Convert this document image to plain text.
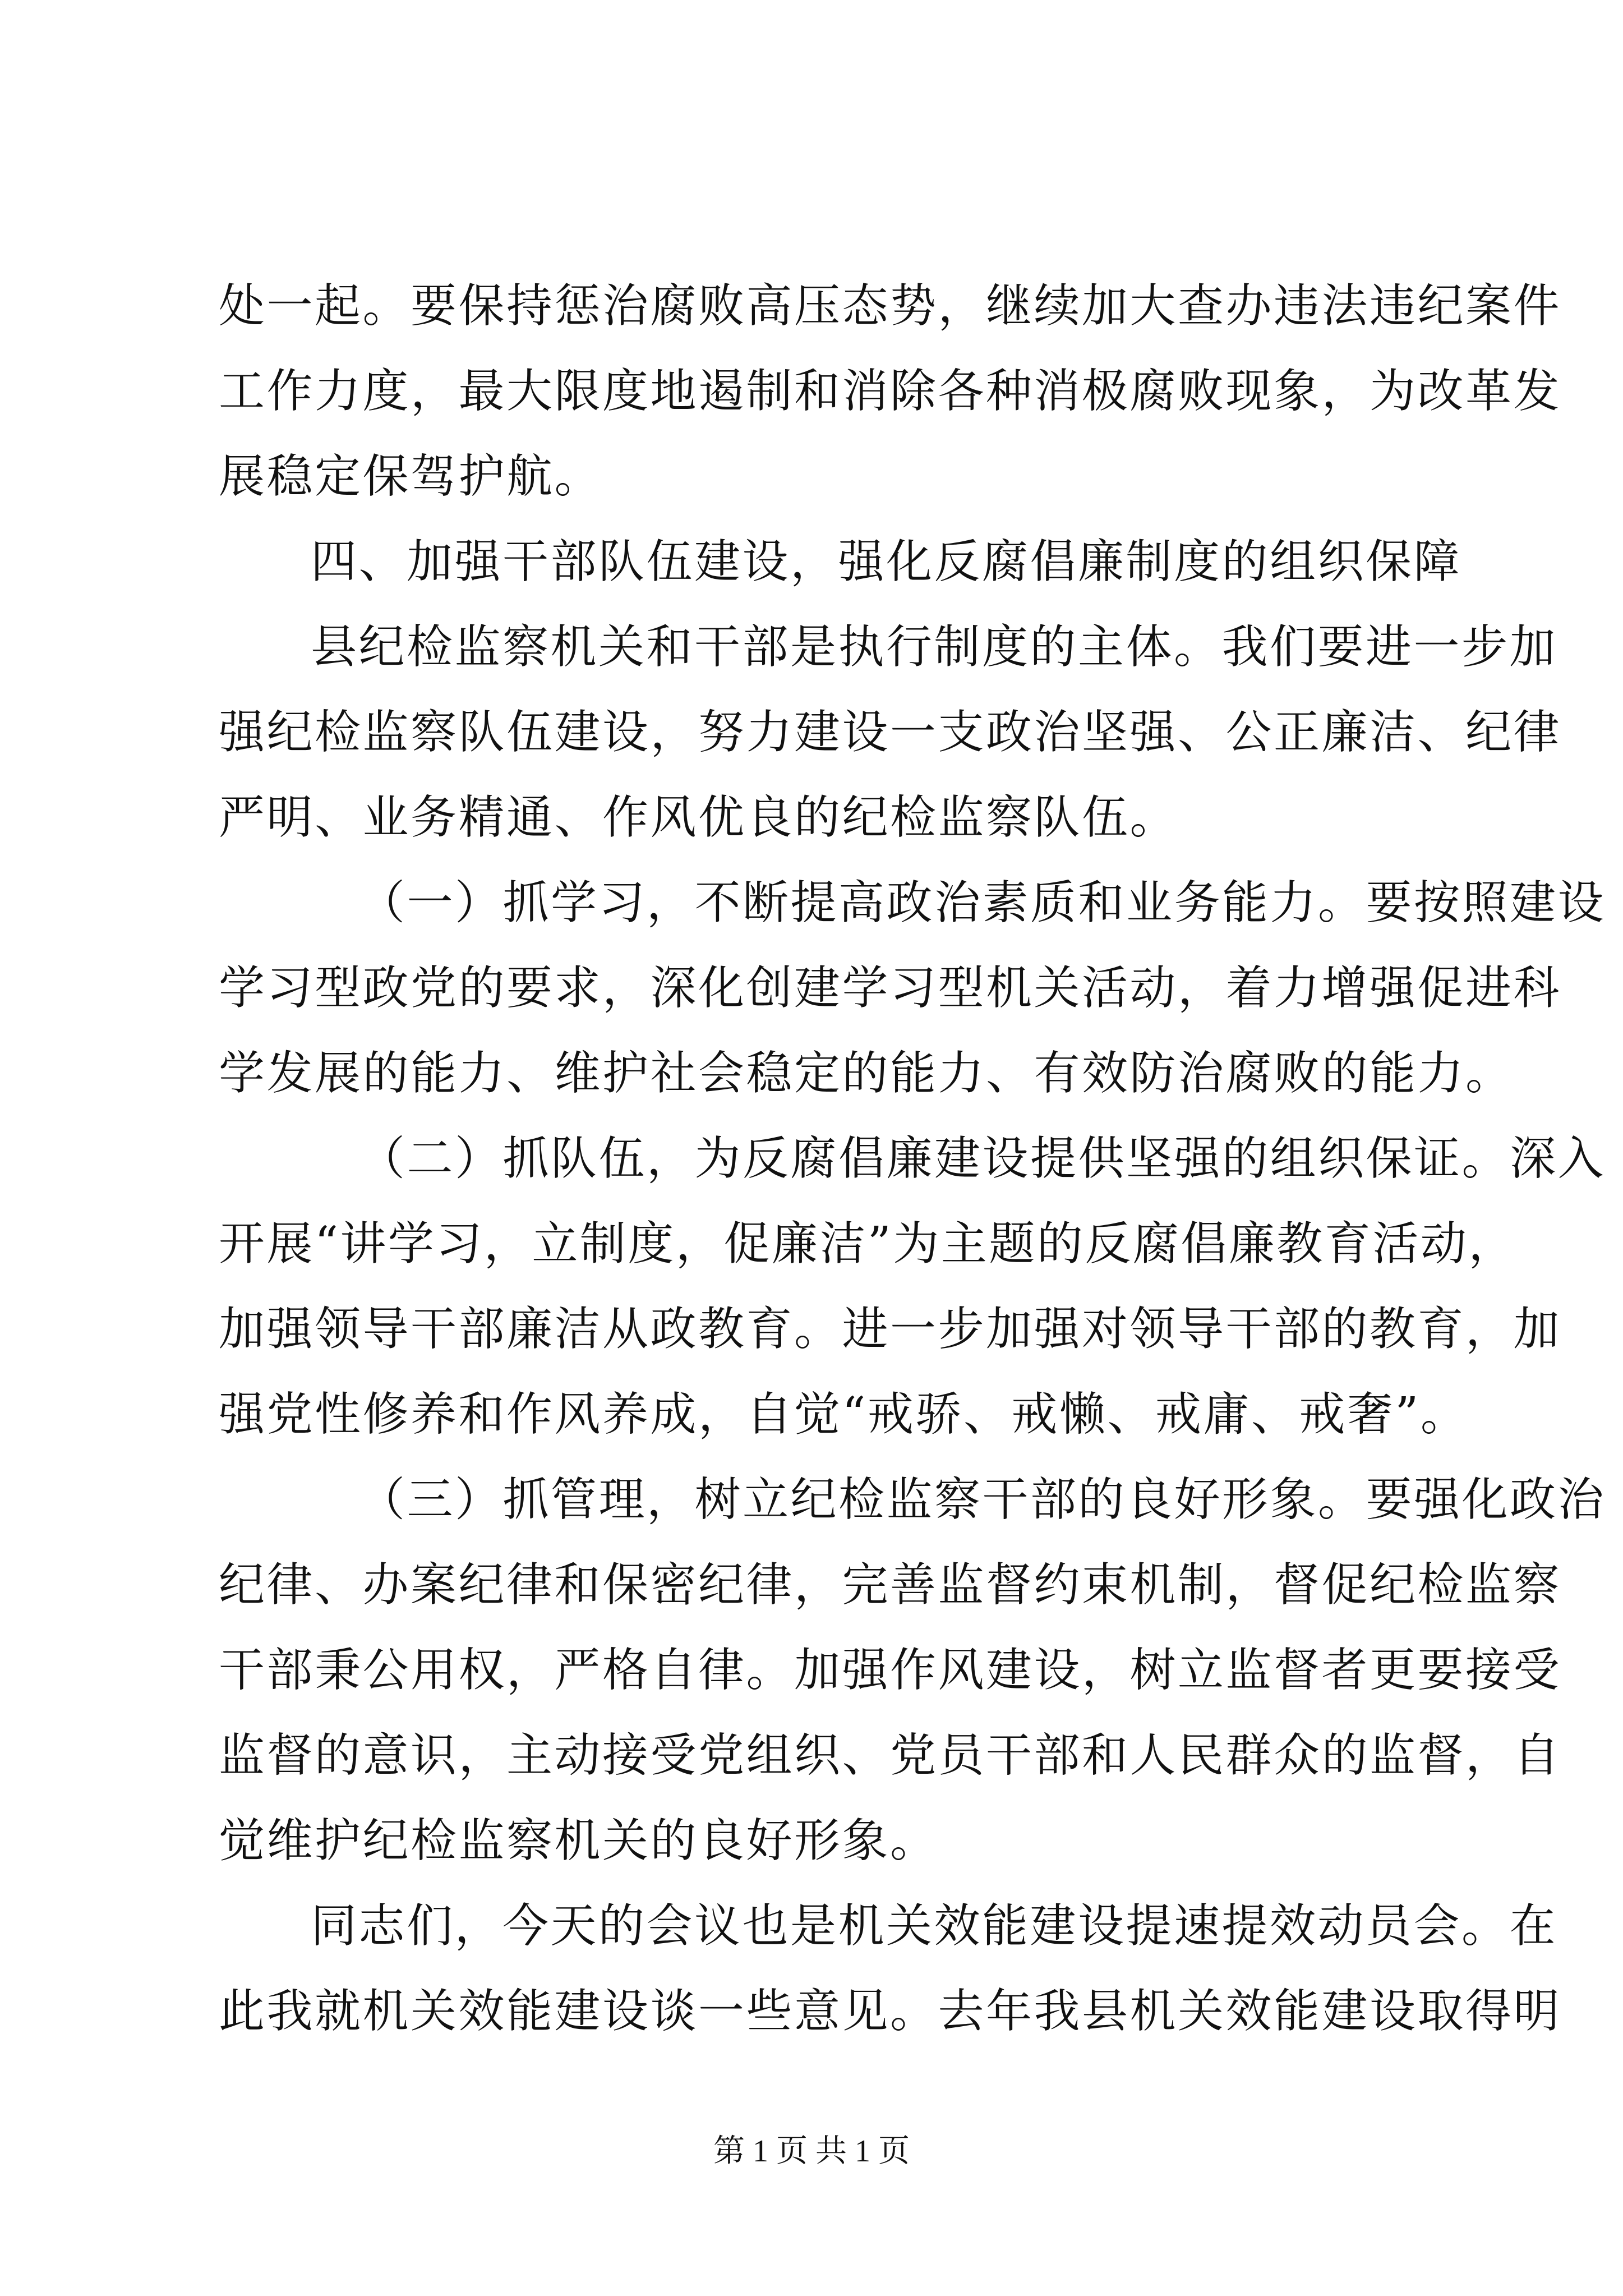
处一起。要保持惩治腐败高压态势，继续加大查办违法违纪案件
工作力度，最大限度地遏制和消除各种消极腐败现象，为改革发
展稳定保驾护航。
四、加强干部队伍建设，强化反腐倡廉制度的组织保障
县纪检监察机关和干部是执行制度的主体。我们要进一步加
强纪检监察队伍建设，努力建设一支政治坚强、公正廉洁、纪律
严明、业务精通、作风优良的纪检监察队伍。
（一）抓学习，不断提高政治素质和业务能力。要按照建设
学习型政党的要求，深化创建学习型机关活动，着力增强促进科
学发展的能力、维护社会稳定的能力、有效防治腐败的能力。
（二）抓队伍，为反腐倡廉建设提供坚强的组织保证。深入
开展“讲学习，立制度，促廉洁”为主题的反腐倡廉教育活动，
加强领导干部廉洁从政教育。进一步加强对领导干部的教育，加
强党性修养和作风养成，自觉“戒骄、戒懒、戒庸、戒奢”。
（三）抓管理，树立纪检监察干部的良好形象。要强化政治
纪律、办案纪律和保密纪律，完善监督约束机制，督促纪检监察
干部秉公用权，严格自律。加强作风建设，树立监督者更要接受
监督的意识，主动接受党组织、党员干部和人民群众的监督，自
觉维护纪检监察机关的良好形象。
同志们，今天的会议也是机关效能建设提速提效动员会。在
此我就机关效能建设谈一些意见。去年我县机关效能建设取得明
第 1 页 共 1 页
